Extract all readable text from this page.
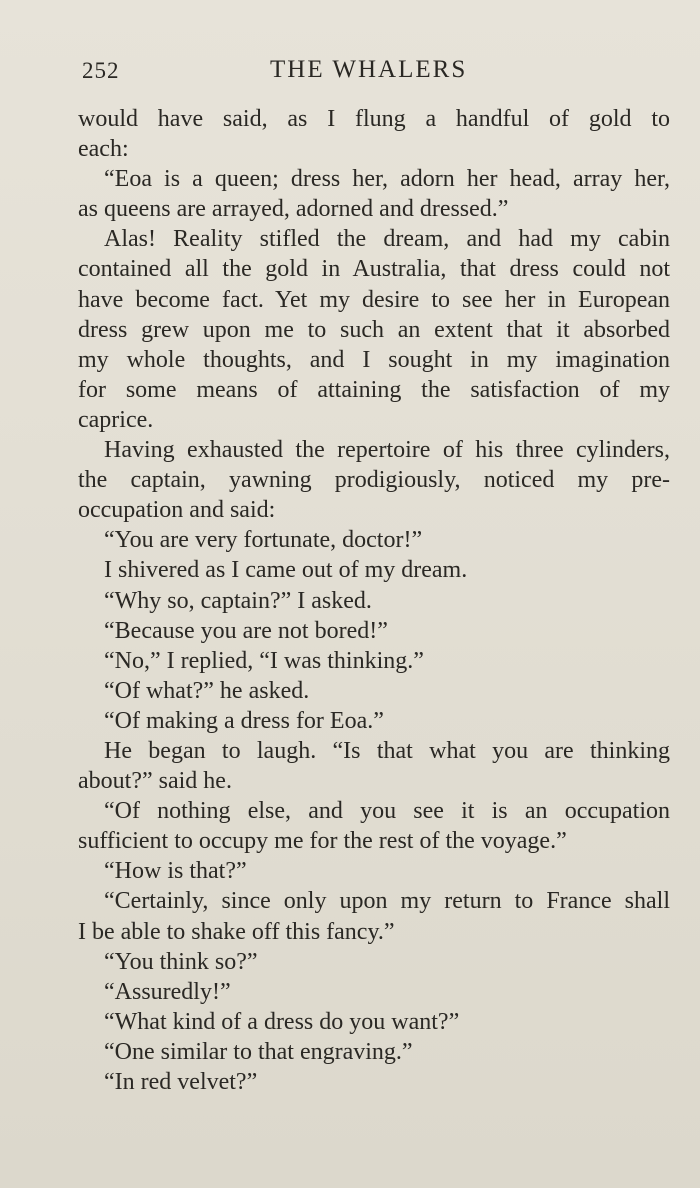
252	THE WHALERS
would have said, as I flung a handful of gold to
each:
“Eoa is a queen; dress her, adorn her head, array her,
as queens are arrayed, adorned and dressed.”
Alas! Reality stifled the dream, and had my cabin
contained all the gold in Australia, that dress could not
have become fact. Yet my desire to see her in European
dress grew upon me to such an extent that it absorbed
my whole thoughts, and I sought in my imagination
for some means of attaining the satisfaction of my
caprice.
Having exhausted the repertoire of his three cylinders,
the captain, yawning prodigiously, noticed my pre-
occupation and said:
“You are very fortunate, doctor!”
I shivered as I came out of my dream.
“Why so, captain?” I asked.
“Because you are not bored!”
“No,” I replied, “I was thinking.”
“Of what?” he asked.
“Of making a dress for Eoa.”
He began to laugh. “Is that what you are thinking
about?” said he.
“Of nothing else, and you see it is an occupation
sufficient to occupy me for the rest of the voyage.”
“How is that?”
“Certainly, since only upon my return to France shall
I be able to shake off this fancy.”
“You think so?”
“Assuredly!”
“What kind of a dress do you want?”
“One similar to that engraving.”
“In red velvet?”
